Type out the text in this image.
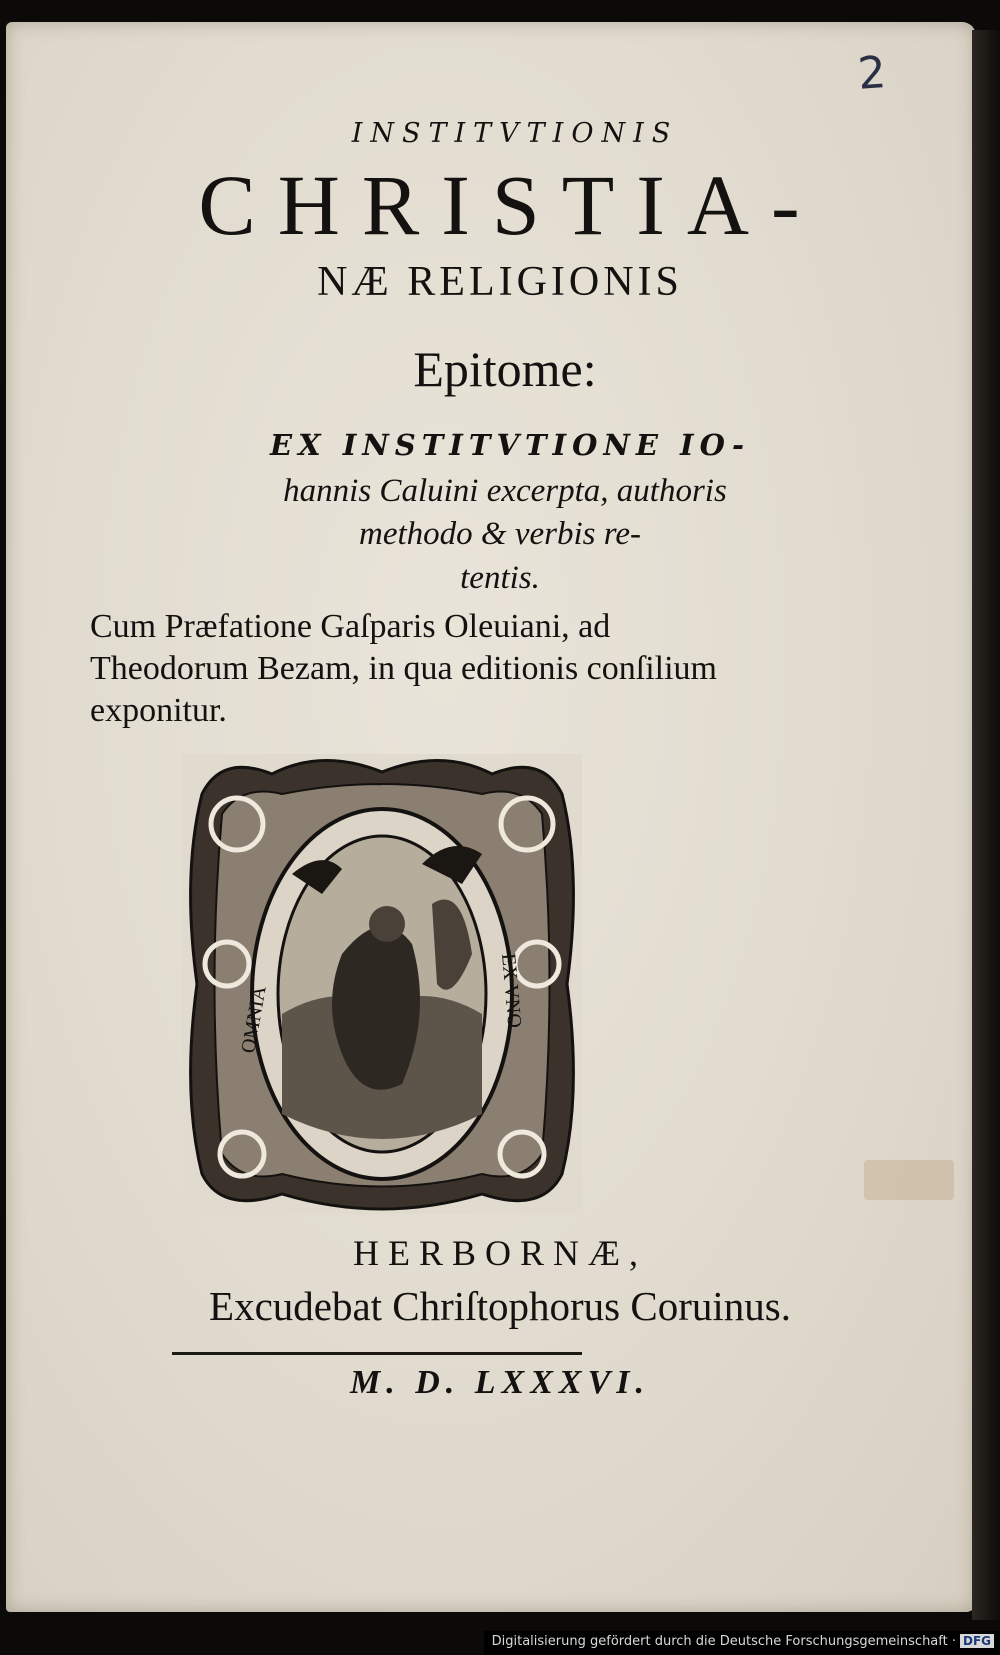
2
INSTITVTIONIS
CHRISTIA-
NÆ RELIGIONIS
Epitome:
EX INSTITVTIONE IO-
hannis Caluini excerpta, authoris
methodo & verbis re-
tentis.
Cum Præfatione Gaſparis Oleuiani, ad Theodorum Bezam, in qua editionis conſilium exponitur.
OMNIA	EX VNO
HERBORNÆ,
Excudebat Chriſtophorus Coruinus.
M. D. LXXXVI.
Digitalisierung gefördert durch die Deutsche Forschungsgemeinschaft · DFG
